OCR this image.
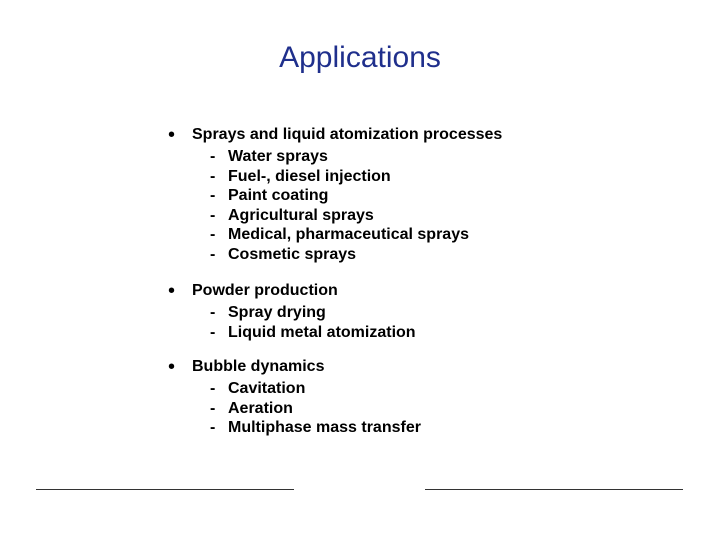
Applications
• Sprays and liquid atomization processes
- Water sprays
- Fuel-, diesel injection
- Paint coating
- Agricultural sprays
- Medical, pharmaceutical sprays
- Cosmetic sprays
• Powder production
- Spray drying
- Liquid metal atomization
• Bubble dynamics
- Cavitation
- Aeration
- Multiphase mass transfer
